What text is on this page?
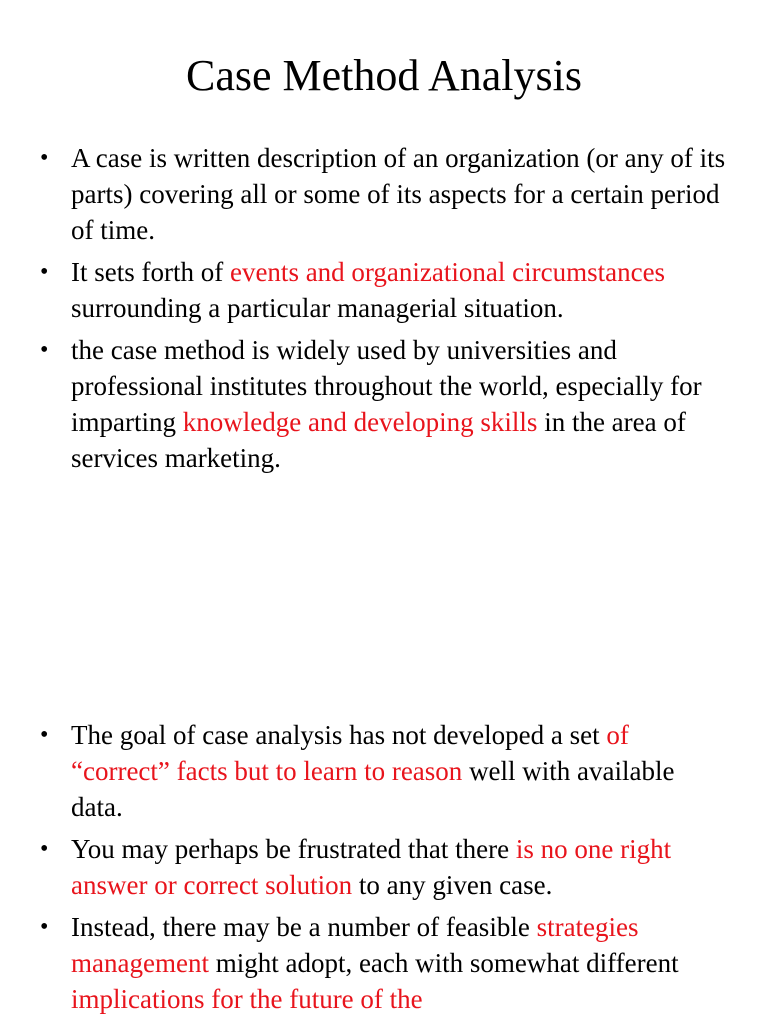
Case Method Analysis
• A case is written description of an organization (or any of its parts) covering all or some of its aspects for a certain period of time.
• It sets forth of events and organizational circumstances surrounding a particular managerial situation.
• the case method is widely used by universities and professional institutes throughout the world, especially for imparting knowledge and developing skills in the area of services marketing.
• The goal of case analysis has not developed a set of “correct” facts but to learn to reason well with available data.
• You may perhaps be frustrated that there is no one right answer or correct solution to any given case.
• Instead, there may be a number of feasible strategies management might adopt, each with somewhat different implications for the future of the
